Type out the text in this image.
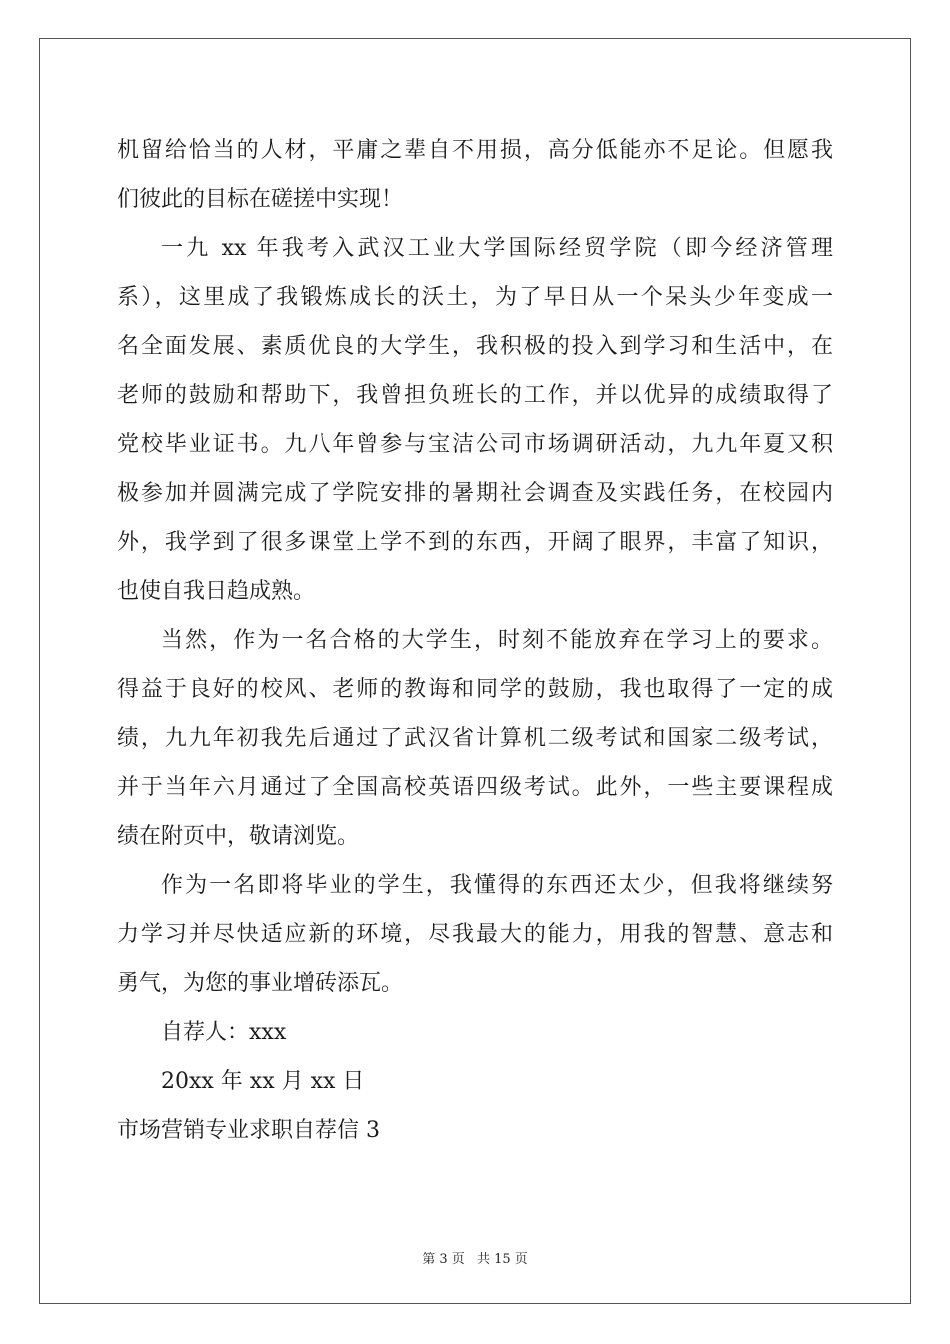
机留给恰当的人材，平庸之辈自不用损，高分低能亦不足论。但愿我
们彼此的目标在磋搓中实现！
一九 xx 年我考入武汉工业大学国际经贸学院（即今经济管理
系），这里成了我锻炼成长的沃土，为了早日从一个呆头少年变成一
名全面发展、素质优良的大学生，我积极的投入到学习和生活中，在
老师的鼓励和帮助下，我曾担负班长的工作，并以优异的成绩取得了
党校毕业证书。九八年曾参与宝洁公司市场调研活动，九九年夏又积
极参加并圆满完成了学院安排的暑期社会调查及实践任务，在校园内
外，我学到了很多课堂上学不到的东西，开阔了眼界，丰富了知识，
也使自我日趋成熟。
当然，作为一名合格的大学生，时刻不能放弃在学习上的要求。
得益于良好的校风、老师的教诲和同学的鼓励，我也取得了一定的成
绩，九九年初我先后通过了武汉省计算机二级考试和国家二级考试，
并于当年六月通过了全国高校英语四级考试。此外，一些主要课程成
绩在附页中，敬请浏览。
作为一名即将毕业的学生，我懂得的东西还太少，但我将继续努
力学习并尽快适应新的环境，尽我最大的能力，用我的智慧、意志和
勇气，为您的事业增砖添瓦。
自荐人：xxx
20xx 年 xx 月 xx 日
市场营销专业求职自荐信 3
第 3 页 共 15 页
